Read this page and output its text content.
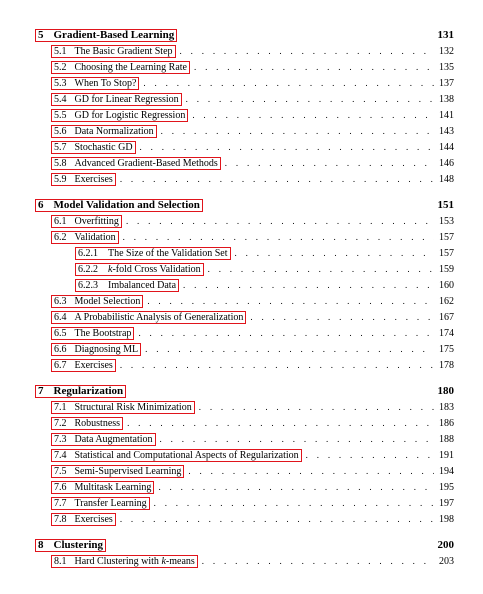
5 Gradient-Based Learning	131
5.1 The Basic Gradient Step . . .	132
5.2 Choosing the Learning Rate . . .	135
5.3 When To Stop? . . .	137
5.4 GD for Linear Regression . . .	138
5.5 GD for Logistic Regression . . .	141
5.6 Data Normalization . . .	143
5.7 Stochastic GD . . .	144
5.8 Advanced Gradient-Based Methods . . .	146
5.9 Exercises . . .	148
6 Model Validation and Selection	151
6.1 Overfitting . . .	153
6.2 Validation . . .	157
6.2.1 The Size of the Validation Set . . .	157
6.2.2 k-fold Cross Validation . . .	159
6.2.3 Imbalanced Data . . .	160
6.3 Model Selection . . .	162
6.4 A Probabilistic Analysis of Generalization . . .	167
6.5 The Bootstrap . . .	174
6.6 Diagnosing ML . . .	175
6.7 Exercises . . .	178
7 Regularization	180
7.1 Structural Risk Minimization . . .	183
7.2 Robustness . . .	186
7.3 Data Augmentation . . .	188
7.4 Statistical and Computational Aspects of Regularization . . .	191
7.5 Semi-Supervised Learning . . .	194
7.6 Multitask Learning . . .	195
7.7 Transfer Learning . . .	197
7.8 Exercises . . .	198
8 Clustering	200
8.1 Hard Clustering with k-means . . .	203
